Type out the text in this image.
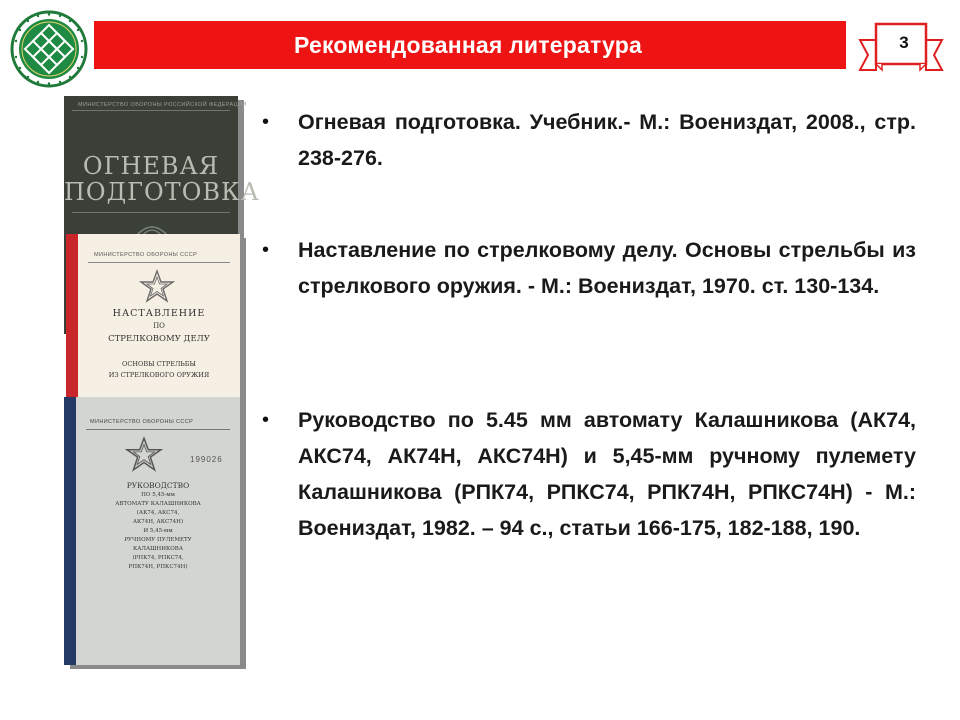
Рекомендованная литература	3
МИНИСТЕРСТВО ОБОРОНЫ РОССИЙСКОЙ ФЕДЕРАЦИИ
ОГНЕВАЯ
ПОДГОТОВКА
МИНИСТЕРСТВО ОБОРОНЫ СССР
НАСТАВЛЕНИЕ
ПО
СТРЕЛКОВОМУ ДЕЛУ
ОСНОВЫ СТРЕЛЬБЫ
ИЗ СТРЕЛКОВОГО ОРУЖИЯ
МИНИСТЕРСТВО ОБОРОНЫ СССР
199026
РУКОВОДСТВО
ПО 5,45-мм
АВТОМАТУ КАЛАШНИКОВА
(АК74, АКС74,
АК74Н, АКС74Н)
И 5,45-мм
РУЧНОМУ ПУЛЕМЕТУ
КАЛАШНИКОВА
(РПК74, РПКС74,
РПК74Н, РПКС74Н)
•	Огневая подготовка. Учебник.- М.: Воениздат, 2008., стр. 238-276.
•	Наставление по стрелковому делу. Основы стрельбы из стрелкового оружия. - М.: Воениздат, 1970. ст. 130-134.
•	Руководство по 5.45 мм автомату Калашникова (АК74, АКС74, АК74Н, АКС74Н) и 5,45-мм ручному пулемету Калашникова (РПК74, РПКС74, РПК74Н, РПКС74Н) - М.: Воениздат, 1982. – 94 с., статьи 166-175, 182-188, 190.
